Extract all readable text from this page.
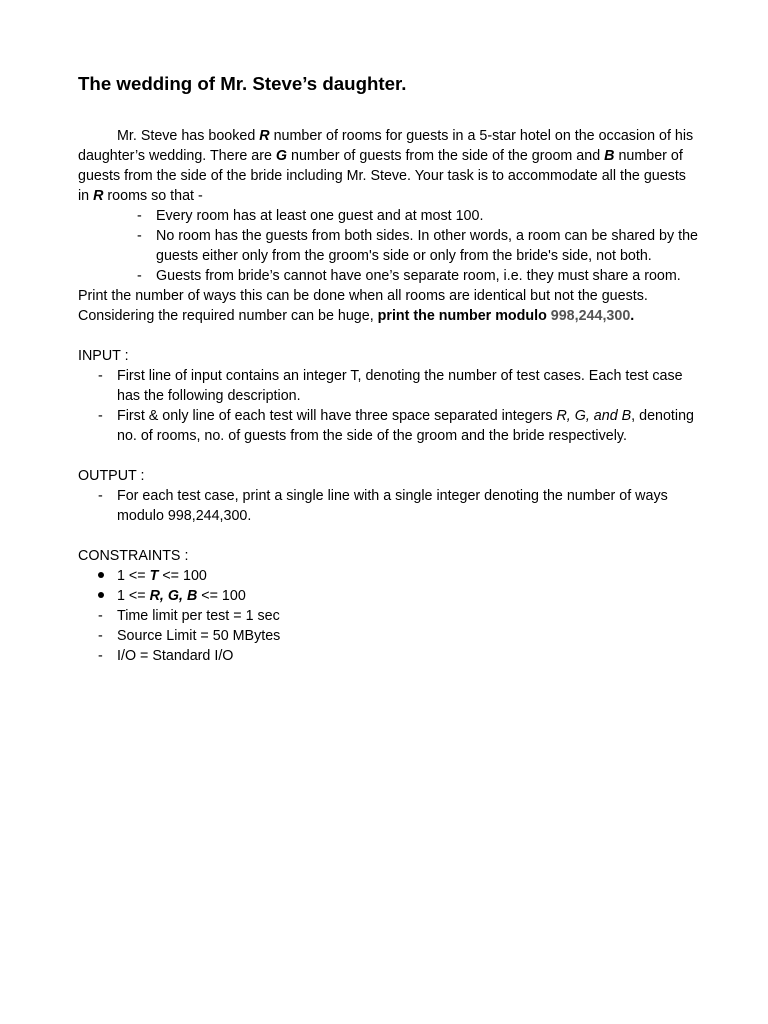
The wedding of Mr. Steve’s daughter.

Mr. Steve has booked R number of rooms for guests in a 5-star hotel on the occasion of his daughter’s wedding. There are G number of guests from the side of the groom and B number of guests from the side of the bride including Mr. Steve. Your task is to accommodate all the guests in R rooms so that -

- Every room has at least one guest and at most 100.
- No room has the guests from both sides. In other words, a room can be shared by the guests either only from the groom's side or only from the bride's side, not both.
- Guests from bride’s cannot have one’s separate room, i.e. they must share a room.

Print the number of ways this can be done when all rooms are identical but not the guests.

Considering the required number can be huge, print the number modulo 998,244,300.

INPUT :

- First line of input contains an integer T, denoting the number of test cases. Each test case has the following description.
- First & only line of each test will have three space separated integers R, G, and B, denoting no. of rooms, no. of guests from the side of the groom and the bride respectively.

OUTPUT :

- For each test case, print a single line with a single integer denoting the number of ways modulo 998,244,300.

CONSTRAINTS :

1 <= T <= 100
1 <= R, G, B <= 100
- Time limit per test = 1 sec
- Source Limit = 50 MBytes
- I/O = Standard I/O
